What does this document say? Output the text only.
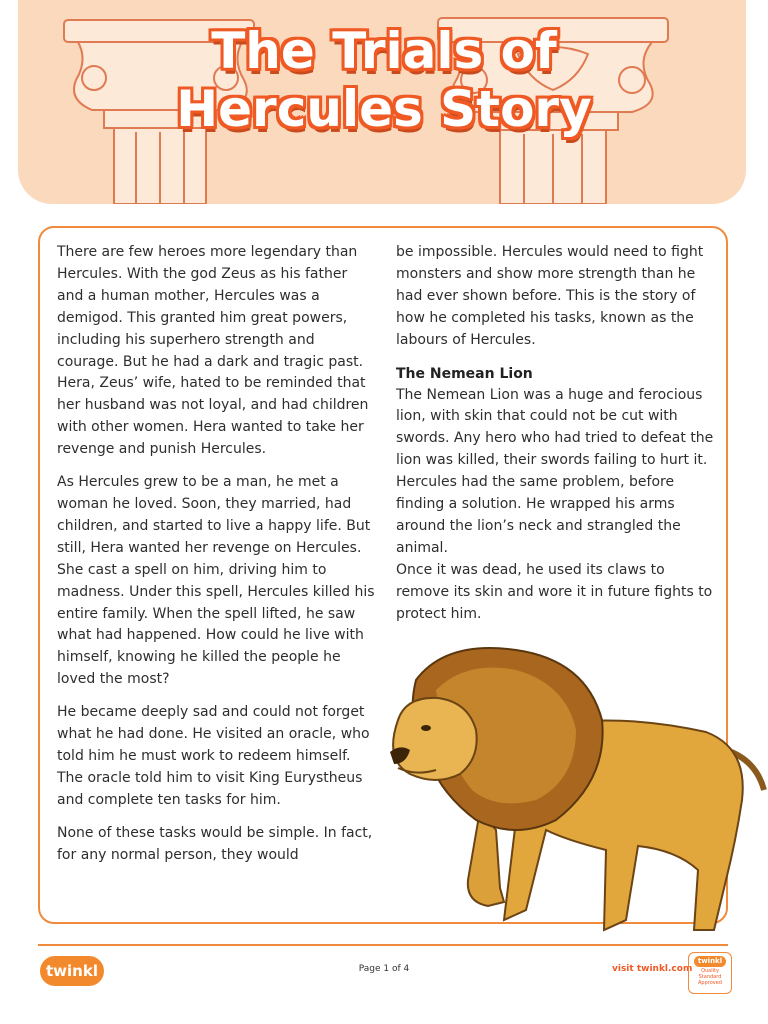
The Trials of
Hercules Story

There are few heroes more legendary than Hercules. With the god Zeus as his father and a human mother, Hercules was a demigod. This granted him great powers, including his superhero strength and courage. But he had a dark and tragic past. Hera, Zeus’ wife, hated to be reminded that her husband was not loyal, and had children with other women. Hera wanted to take her revenge and punish Hercules.

As Hercules grew to be a man, he met a woman he loved. Soon, they married, had children, and started to live a happy life. But still, Hera wanted her revenge on Hercules. She cast a spell on him, driving him to madness. Under this spell, Hercules killed his entire family. When the spell lifted, he saw what had happened. How could he live with himself, knowing he killed the people he loved the most?

He became deeply sad and could not forget what he had done. He visited an oracle, who told him he must work to redeem himself. The oracle told him to visit King Eurystheus and complete ten tasks for him.

None of these tasks would be simple. In fact, for any normal person, they would

be impossible. Hercules would need to fight monsters and show more strength than he had ever shown before. This is the story of how he completed his tasks, known as the labours of Hercules.

The Nemean Lion
The Nemean Lion was a huge and ferocious lion, with skin that could not be cut with swords. Any hero who had tried to defeat the lion was killed, their swords failing to hurt it. Hercules had the same problem, before finding a solution. He wrapped his arms around the lion’s neck and strangled the animal.
Once it was dead, he used its claws to remove its skin and wore it in future fights to protect him.
twinkl	Page 1 of 4	visit twinkl.com
twinkl
Quality Standard Approved
